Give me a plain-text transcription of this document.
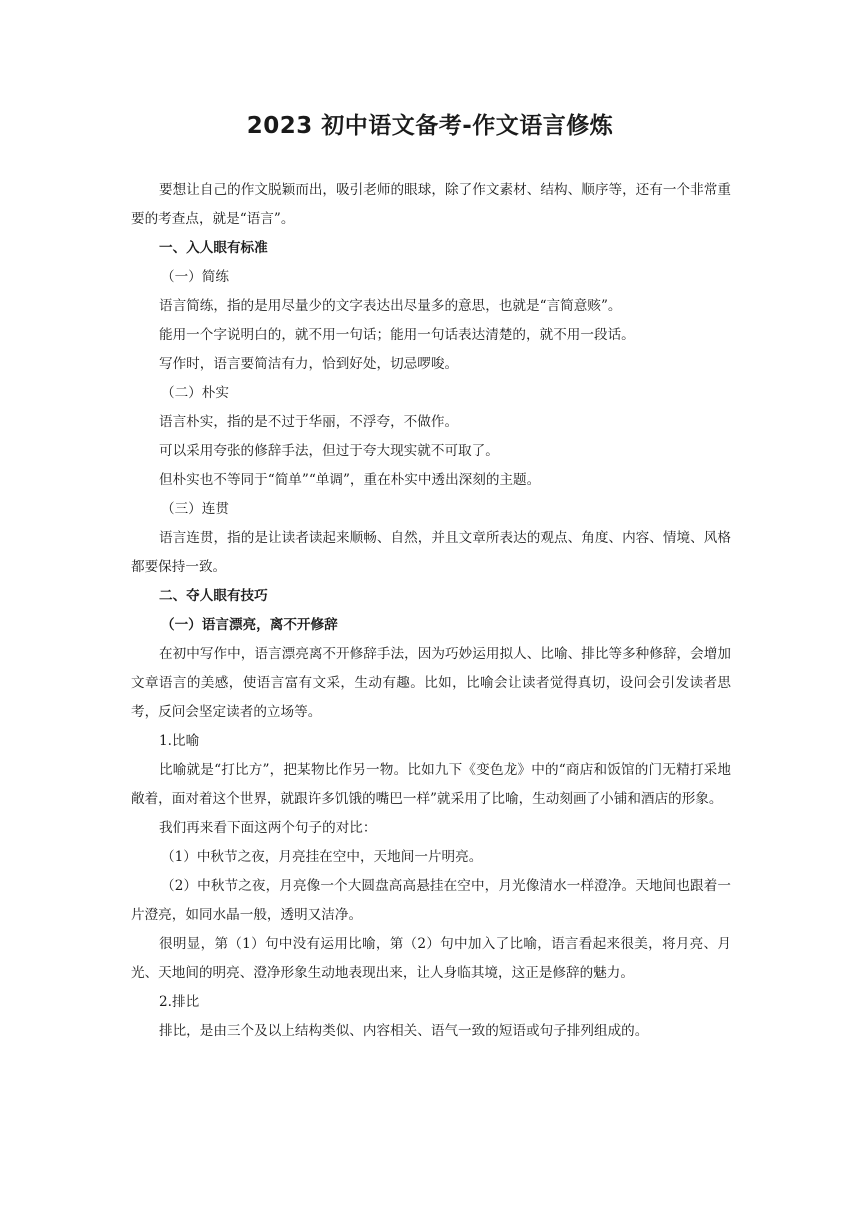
2023 初中语文备考-作文语言修炼

要想让自己的作文脱颖而出，吸引老师的眼球，除了作文素材、结构、顺序等，还有一个非常重要的考查点，就是“语言”。

一、入人眼有标准

（一）简练

语言简练，指的是用尽量少的文字表达出尽量多的意思，也就是“言简意赅”。

能用一个字说明白的，就不用一句话；能用一句话表达清楚的，就不用一段话。

写作时，语言要简洁有力，恰到好处，切忌啰唆。

（二）朴实

语言朴实，指的是不过于华丽，不浮夸，不做作。

可以采用夸张的修辞手法，但过于夸大现实就不可取了。

但朴实也不等同于“简单”“单调”，重在朴实中透出深刻的主题。

（三）连贯

语言连贯，指的是让读者读起来顺畅、自然，并且文章所表达的观点、角度、内容、情境、风格都要保持一致。

二、夺人眼有技巧

（一）语言漂亮，离不开修辞

在初中写作中，语言漂亮离不开修辞手法，因为巧妙运用拟人、比喻、排比等多种修辞，会增加文章语言的美感，使语言富有文采，生动有趣。比如，比喻会让读者觉得真切，设问会引发读者思考，反问会坚定读者的立场等。

1.比喻

比喻就是“打比方”，把某物比作另一物。比如九下《变色龙》中的“商店和饭馆的门无精打采地敞着，面对着这个世界，就跟许多饥饿的嘴巴一样”就采用了比喻，生动刻画了小铺和酒店的形象。

我们再来看下面这两个句子的对比：

（1）中秋节之夜，月亮挂在空中，天地间一片明亮。

（2）中秋节之夜，月亮像一个大圆盘高高悬挂在空中，月光像清水一样澄净。天地间也跟着一片澄亮，如同水晶一般，透明又洁净。

很明显，第（1）句中没有运用比喻，第（2）句中加入了比喻，语言看起来很美，将月亮、月光、天地间的明亮、澄净形象生动地表现出来，让人身临其境，这正是修辞的魅力。

2.排比

排比，是由三个及以上结构类似、内容相关、语气一致的短语或句子排列组成的。
